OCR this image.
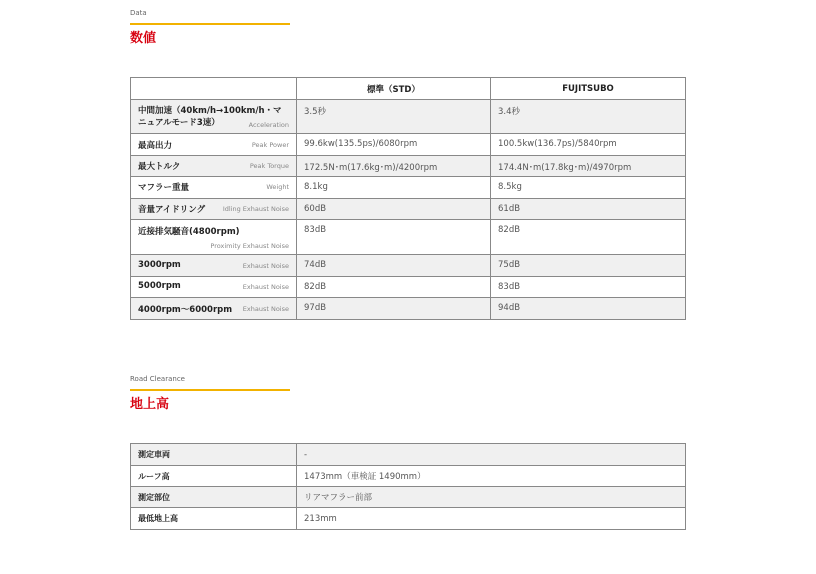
Data
数値
	標準（STD）	FUJITSUBO

中間加速（40km/h→100km/h・マニュアルモード3速） Acceleration	3.5秒	3.4秒

最高出力 Peak Power	99.6kw(135.5ps)/6080rpm	100.5kw(136.7ps)/5840rpm

最大トルク Peak Torque	172.5N･m(17.6kg･m)/4200rpm	174.4N･m(17.8kg･m)/4970rpm

マフラー重量 Weight	8.1kg	8.5kg

音量アイドリング Idling Exhaust Noise	60dB	61dB

近接排気騒音(4800rpm)
Proximity Exhaust Noise	83dB	82dB

3000rpm Exhaust Noise	74dB	75dB

5000rpm Exhaust Noise	82dB	83dB

4000rpm〜6000rpm Exhaust Noise	97dB	94dB
Road Clearance
地上高
測定車両	-

ルーフ高	1473mm（車検証 1490mm）

測定部位	リアマフラー前部

最低地上高	213mm
